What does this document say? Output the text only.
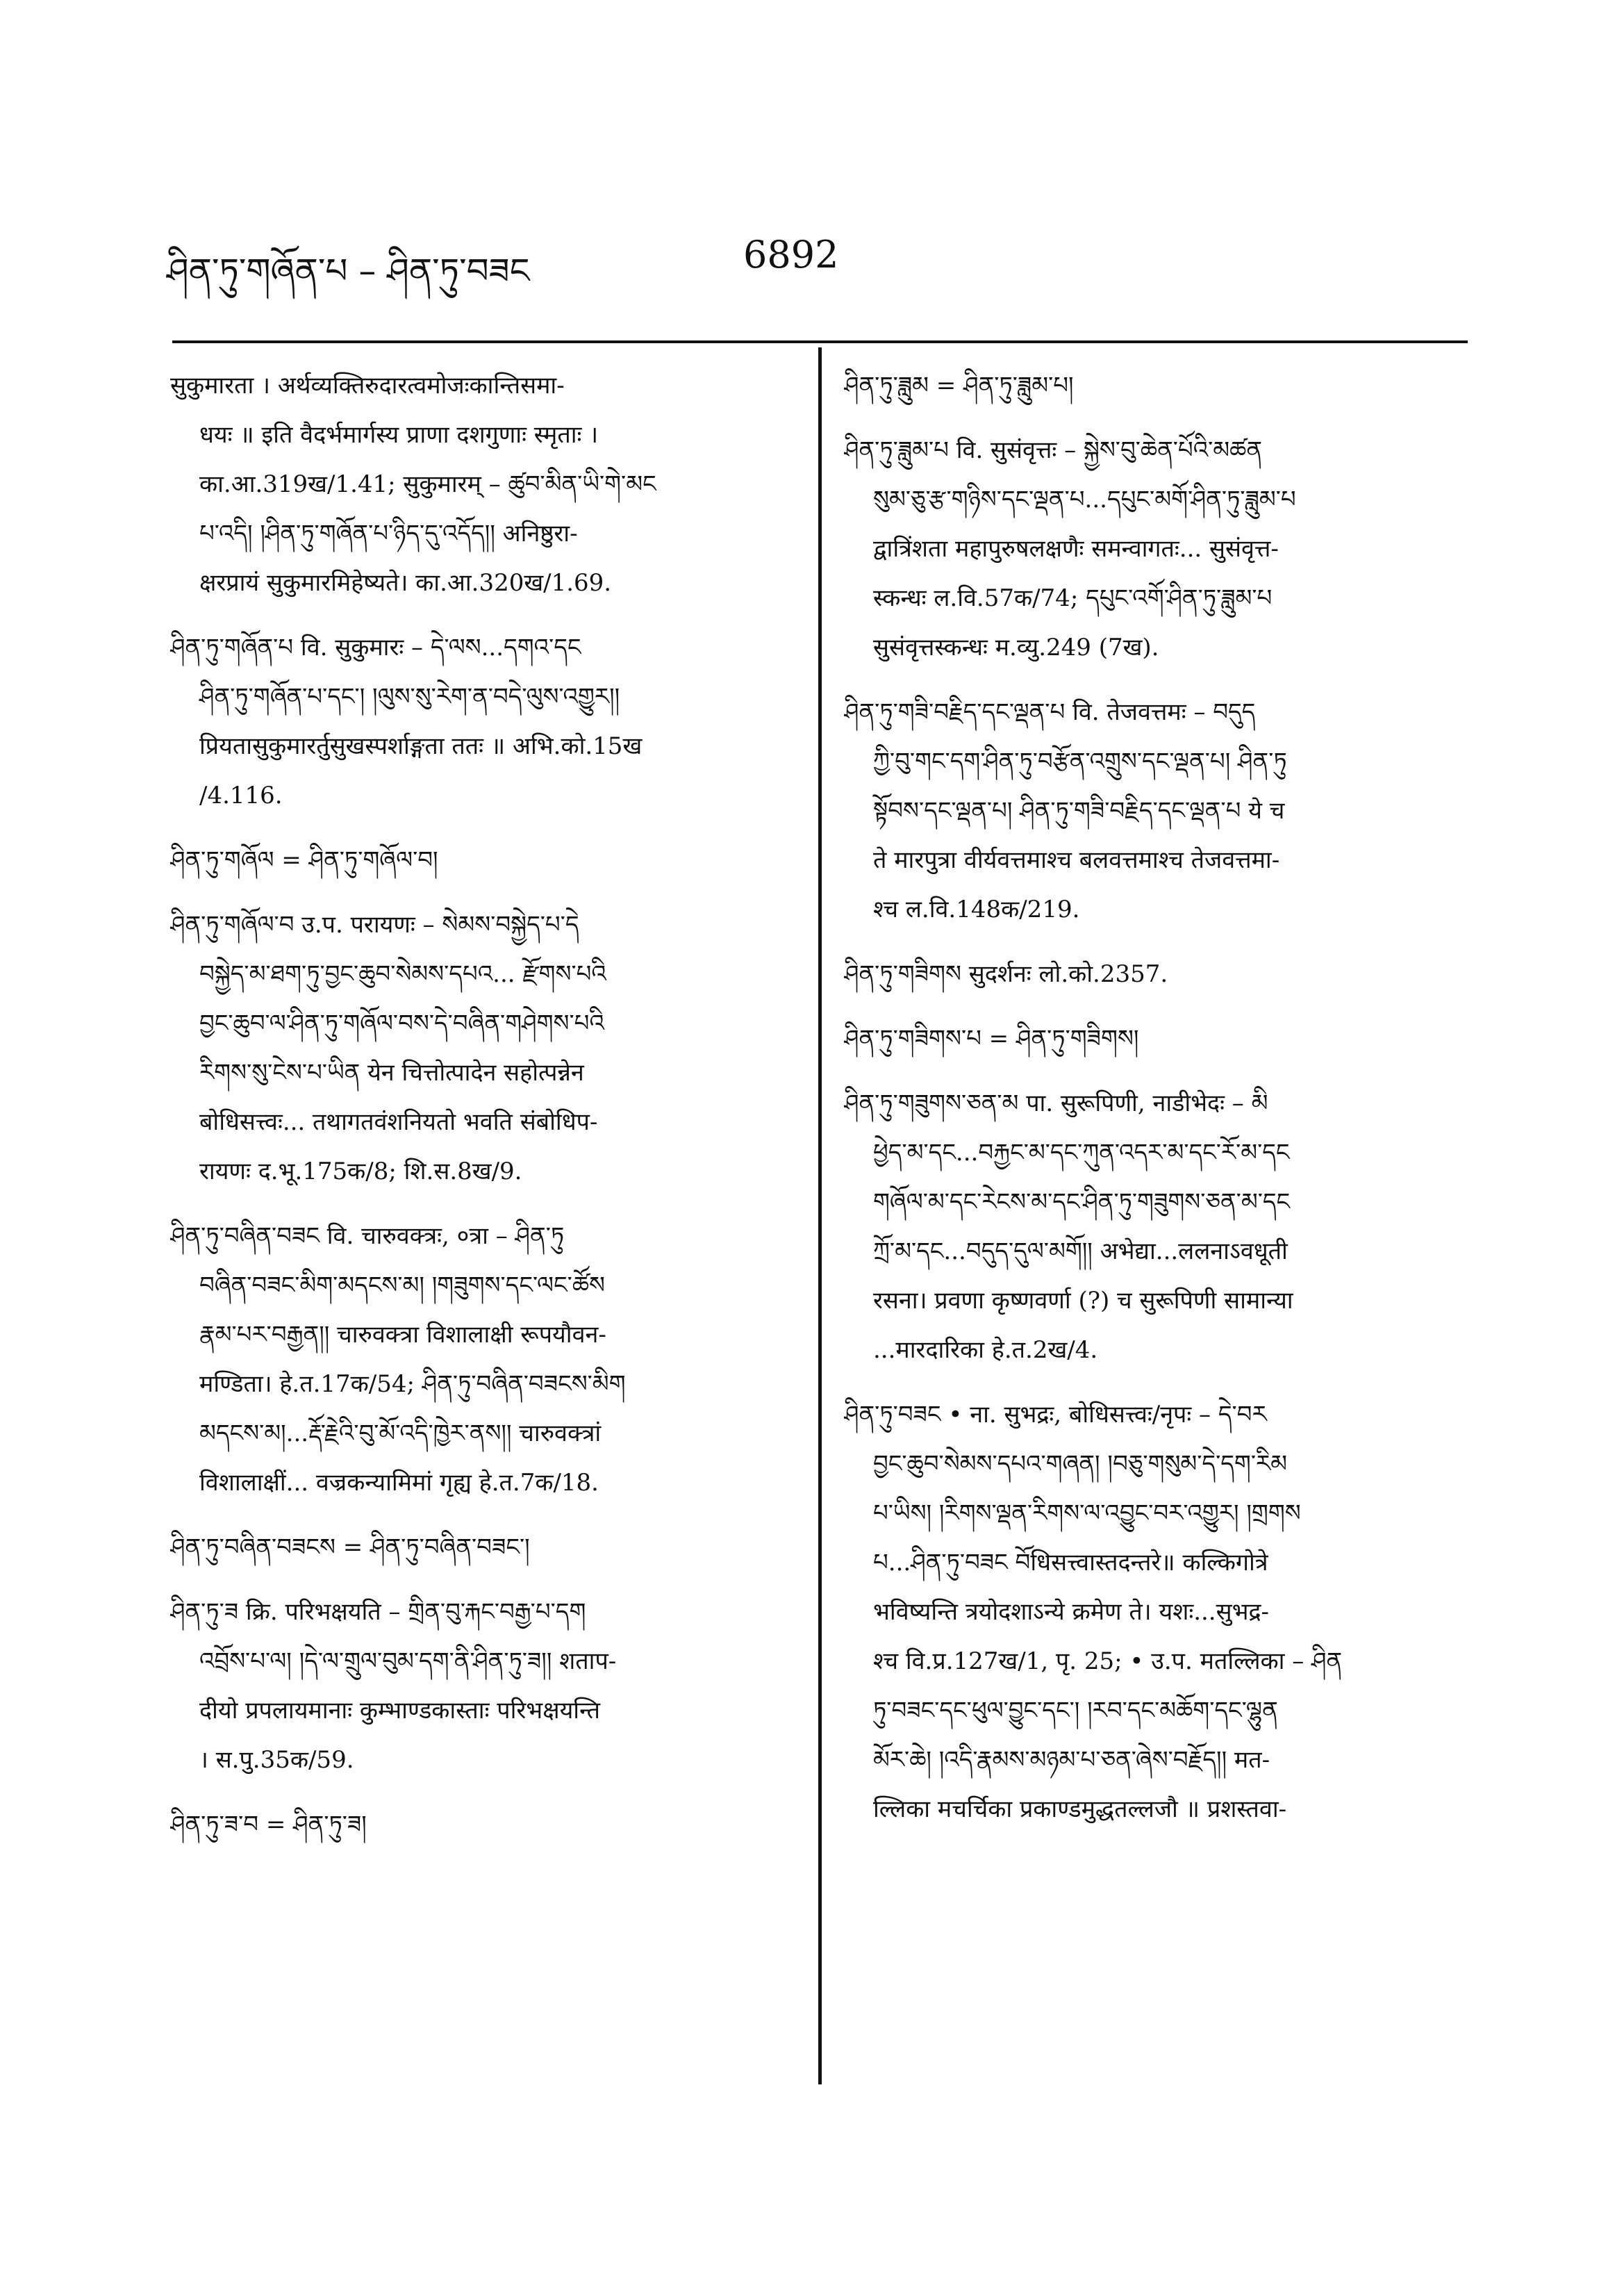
ཤིན་ཏུ་གཞོན་པ – ཤིན་ཏུ་བཟང	6892
सुकुमारता । अर्थव्यक्तिरुदारत्वमोजःकान्तिसमा-
धयः ॥ इति वैदर्भमार्गस्य प्राणा दशगुणाः स्मृताः ।
का.आ.319ख/1.41; सुकुमारम् – ཚུབ་མིན་ཡི་གེ་མང
པ་འདི། །ཤིན་ཏུ་གཞོན་པ་ཉིད་དུ་འདོད།། अनिष्ठुरा-
क्षरप्रायं सुकुमारमिहेष्यते। का.आ.320ख/1.69.
ཤིན་ཏུ་གཞོན་པ वि. सुकुमारः – དེ་ལས...དགའ་དང
ཤིན་ཏུ་གཞོན་པ་དང་། །ལུས་སུ་རེག་ན་བདེ་ལུས་འགྱུར།།
प्रियतासुकुमारर्तुसुखस्पर्शाङ्गता ततः ॥ अभि.को.15ख
/4.116.
ཤིན་ཏུ་གཞོལ = ཤིན་ཏུ་གཞོལ་བ།
ཤིན་ཏུ་གཞོལ་བ उ.प. परायणः – སེམས་བསྐྱེད་པ་དེ
བསྐྱེད་མ་ཐག་ཏུ་བྱང་ཆུབ་སེམས་དཔའ... རྫོགས་པའི
བྱང་ཆུབ་ལ་ཤིན་ཏུ་གཞོལ་བས་དེ་བཞིན་གཤེགས་པའི
རིགས་སུ་ངེས་པ་ཡིན येन चित्तोत्पादेन सहोत्पन्नेन
बोधिसत्त्वः... तथागतवंशनियतो भवति संबोधिप-
रायणः द.भू.175क/8; शि.स.8ख/9.
ཤིན་ཏུ་བཞིན་བཟང वि. चारुवक्त्रः, ०त्रा – ཤིན་ཏུ
བཞིན་བཟང་མིག་མདངས་མ། །གཟུགས་དང་ལང་ཚོས
རྣམ་པར་བརྒྱན།། चारुवक्त्रा विशालाक्षी रूपयौवन-
मण्डिता। हे.त.17क/54; ཤིན་ཏུ་བཞིན་བཟངས་མིག
མདངས་མ།...རྡོ་རྗེའི་བུ་མོ་འདི་ཁྱེར་ནས།། चारुवक्त्रां
विशालाक्षीं... वज्रकन्यामिमां गृह्य हे.त.7क/18.
ཤིན་ཏུ་བཞིན་བཟངས = ཤིན་ཏུ་བཞིན་བཟང་།
ཤིན་ཏུ་ཟ क्रि. परिभक्षयति – གྲིན་བུ་རྐང་བརྒྱ་པ་དག
འབྲོས་པ་ལ། །དེ་ལ་གྲུལ་བུམ་དག་ནི་ཤིན་ཏུ་ཟ།། शताप-
दीयो प्रपलायमानाः कुम्भाण्डकास्ताः परिभक्षयन्ति
। स.पु.35क/59.
ཤིན་ཏུ་ཟ་བ = ཤིན་ཏུ་ཟ།
ཤིན་ཏུ་ཟླུམ = ཤིན་ཏུ་ཟླུམ་པ།
ཤིན་ཏུ་ཟླུམ་པ वि. सुसंवृत्तः – སྐྱེས་བུ་ཆེན་པོའི་མཚན
སུམ་ཅུ་རྩ་གཉིས་དང་ལྡན་པ...དཔུང་མགོ་ཤིན་ཏུ་ཟླུམ་པ
द्वात्रिंशता महापुरुषलक्षणैः समन्वागतः... सुसंवृत्त-
स्कन्धः ल.वि.57क/74; དཔུང་འགོ་ཤིན་ཏུ་ཟླུམ་པ
सुसंवृत्तस्कन्धः म.व्यु.249 (7ख).
ཤིན་ཏུ་གཟི་བརྗིད་དང་ལྡན་པ वि. तेजवत्तमः – བདུད
ཀྱི་བུ་གང་དག་ཤིན་ཏུ་བརྩོན་འགྲུས་དང་ལྡན་པ། ཤིན་ཏུ
སྟོབས་དང་ལྡན་པ། ཤིན་ཏུ་གཟི་བརྗིད་དང་ལྡན་པ ये च
ते मारपुत्रा वीर्यवत्तमाश्च बलवत्तमाश्च तेजवत्तमा-
श्च ल.वि.148क/219.
ཤིན་ཏུ་གཟིགས सुदर्शनः लो.को.2357.
ཤིན་ཏུ་གཟིགས་པ = ཤིན་ཏུ་གཟིགས།
ཤིན་ཏུ་གཟུགས་ཅན་མ पा. सुरूपिणी, नाडीभेदः – མི
ཕྱེད་མ་དང...བརྐྱང་མ་དང་ཀུན་འདར་མ་དང་རོ་མ་དང
གཞོལ་མ་དང་རེངས་མ་དང་ཤིན་ཏུ་གཟུགས་ཅན་མ་དང
ཀྲོ་མ་དང...བདུད་དུལ་མགོ།། अभेद्या...ललनाऽवधूती
रसना। प्रवणा कृष्णवर्णा (?) च सुरूपिणी सामान्या
...मारदारिका हे.त.2ख/4.
ཤིན་ཏུ་བཟང • ना. सुभद्रः, बोधिसत्त्वः/नृपः – དེ་བར
བྱང་ཆུབ་སེམས་དཔའ་གཞན། །བཅུ་གསུམ་དེ་དག་རིམ
པ་ཡིས། །རིགས་ལྡན་རིགས་ལ་འབྱུང་བར་འགྱུར། །གྲགས
པ...ཤིན་ཏུ་བཟང བོधिसत्त्वास्तदन्तरे॥ कल्किगोत्रे
भविष्यन्ति त्रयोदशाऽन्ये क्रमेण ते। यशः...सुभद्र-
श्च वि.प्र.127ख/1, पृ. 25; • उ.प. मतल्लिका – ཤིན
ཏུ་བཟང་དང་ཕུལ་བྱུང་དང་། །རབ་དང་མཆོག་དང་ལྷུན
མོར་ཆེ། །འདི་རྣམས་མཉམ་པ་ཅན་ཞེས་བརྗོད།། मत-
ल्लिका मचर्चिका प्रकाण्डमुद्धतल्लजौ ॥ प्रशस्तवा-
